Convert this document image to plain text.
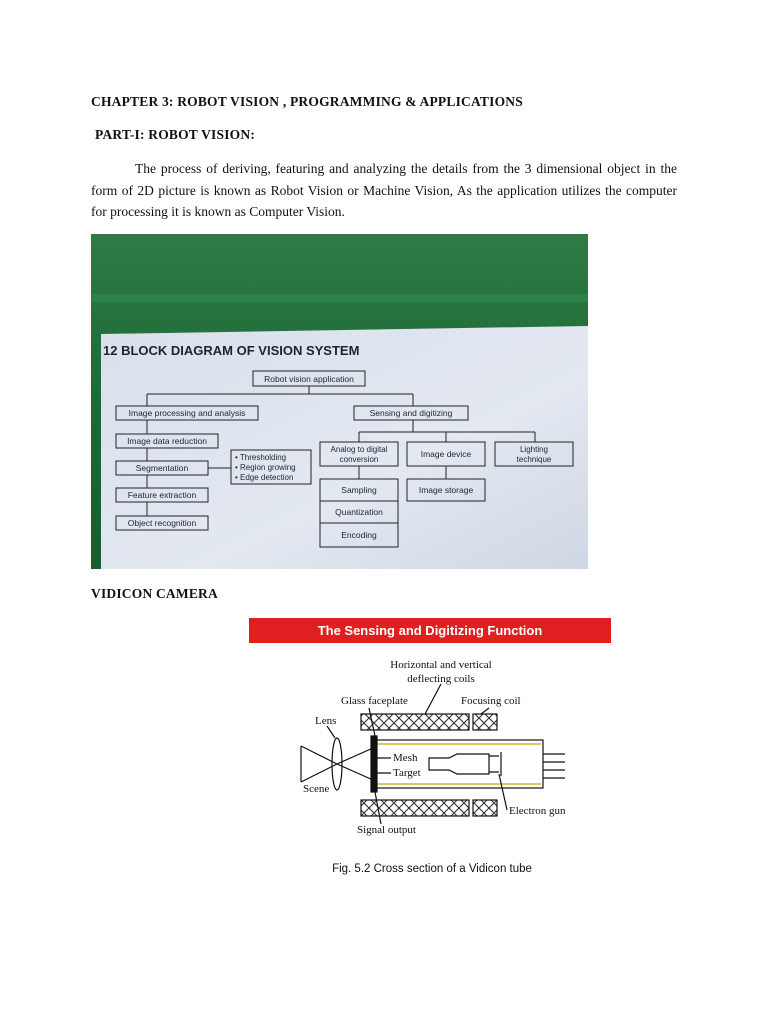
CHAPTER 3: ROBOT VISION , PROGRAMMING & APPLICATIONS
PART-I: ROBOT VISION:
The process of deriving, featuring and analyzing the details from the 3 dimensional object in the form of 2D picture is known as Robot Vision or Machine Vision, As the application utilizes the computer for processing it is known as Computer Vision.
12 BLOCK DIAGRAM OF VISION SYSTEM
Robot vision application
Image processing and analysis	Sensing and digitizing
Image data reduction
Segmentation
Feature extraction
Object recognition
• Thresholding
• Region growing
• Edge detection
Analog to digital
conversion
Sampling
Quantization
Encoding
Image device
Image storage
Lighting
technique
VIDICON CAMERA
The Sensing and Digitizing Function
Horizontal and vertical
deflecting coils
Glass faceplate	Focusing coil
Lens
Mesh
Target
Scene
Electron gun
Signal output
Fig. 5.2 Cross section of a Vidicon tube
